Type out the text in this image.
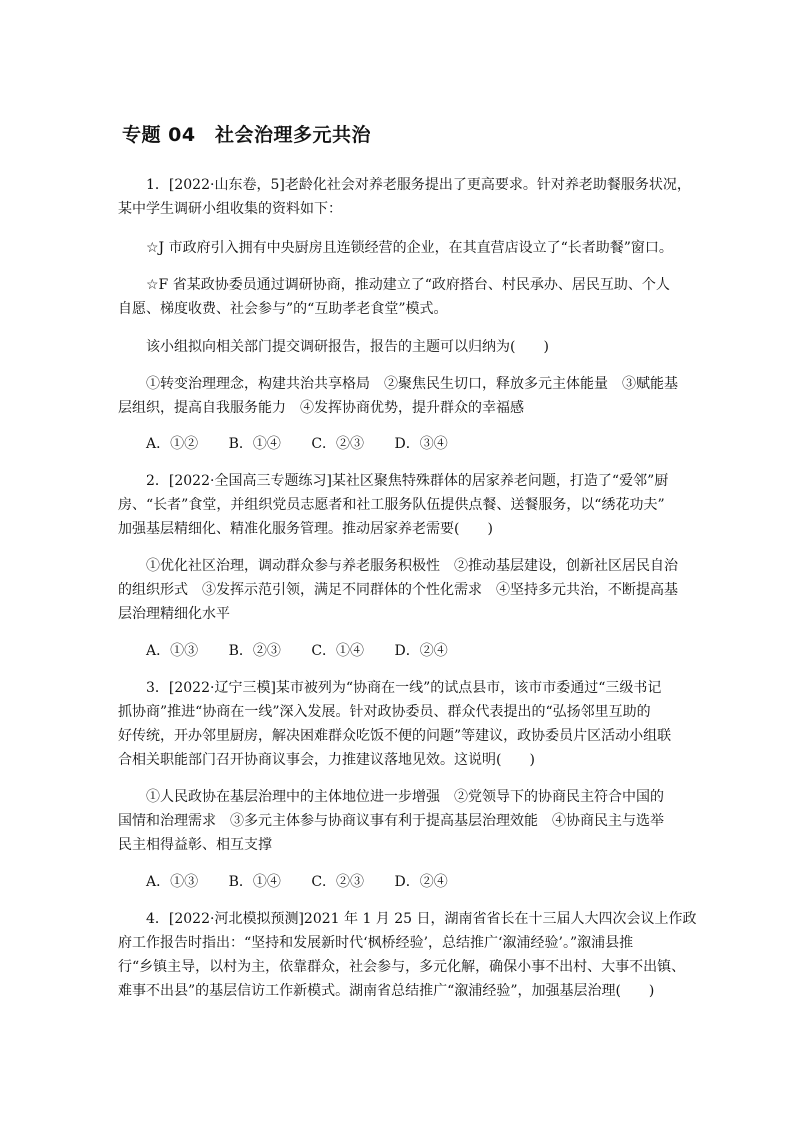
专题 04　社会治理多元共治
1．[2022·山东卷，5]老龄化社会对养老服务提出了更高要求。针对养老助餐服务状况，
某中学生调研小组收集的资料如下：
☆J 市政府引入拥有中央厨房且连锁经营的企业，在其直营店设立了“长者助餐”窗口。
☆F 省某政协委员通过调研协商，推动建立了“政府搭台、村民承办、居民互助、个人
自愿、梯度收费、社会参与”的“互助孝老食堂”模式。
该小组拟向相关部门提交调研报告，报告的主题可以归纳为(　　)
①转变治理理念，构建共治共享格局　②聚焦民生切口，释放多元主体能量　③赋能基
层组织，提高自我服务能力　④发挥协商优势，提升群众的幸福感
A．①② B．①④ C．②③ D．③④
2．[2022·全国高三专题练习]某社区聚焦特殊群体的居家养老问题，打造了“爱邻”厨
房、“长者”食堂，并组织党员志愿者和社工服务队伍提供点餐、送餐服务，以“绣花功夫”
加强基层精细化、精准化服务管理。推动居家养老需要(　　)
①优化社区治理，调动群众参与养老服务积极性　②推动基层建设，创新社区居民自治
的组织形式　③发挥示范引领，满足不同群体的个性化需求　④坚持多元共治，不断提高基
层治理精细化水平
A．①③ B．②③ C．①④ D．②④
3．[2022·辽宁三模]某市被列为“协商在一线”的试点县市，该市市委通过“三级书记
抓协商”推进“协商在一线”深入发展。针对政协委员、群众代表提出的“弘扬邻里互助的
好传统，开办邻里厨房，解决困难群众吃饭不便的问题”等建议，政协委员片区活动小组联
合相关职能部门召开协商议事会，力推建议落地见效。这说明(　　)
①人民政协在基层治理中的主体地位进一步增强　②党领导下的协商民主符合中国的
国情和治理需求　③多元主体参与协商议事有利于提高基层治理效能　④协商民主与选举
民主相得益彰、相互支撑
A．①③ B．①④ C．②③ D．②④
4．[2022·河北模拟预测]2021 年 1 月 25 日，湖南省省长在十三届人大四次会议上作政
府工作报告时指出：“坚持和发展新时代‘枫桥经验’，总结推广‘溆浦经验’。”溆浦县推
行“乡镇主导，以村为主，依靠群众，社会参与，多元化解，确保小事不出村、大事不出镇、
难事不出县”的基层信访工作新模式。湖南省总结推广“溆浦经验”，加强基层治理(　　)
